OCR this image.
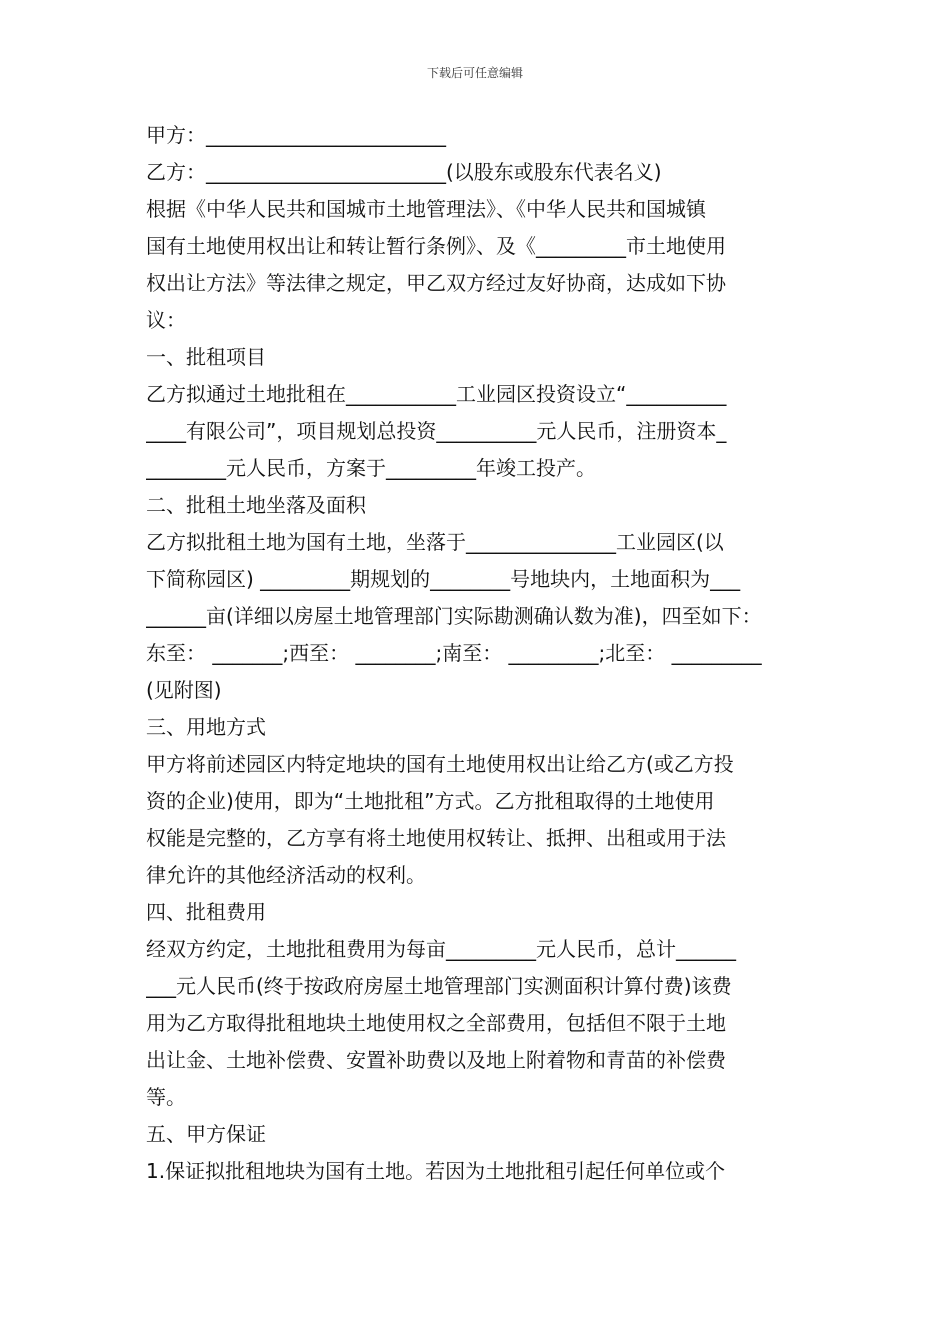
下载后可任意编辑
甲方：________________________
乙方：________________________(以股东或股东代表名义)
根据《中华人民共和国城市土地管理法》、《中华人民共和国城镇
国有土地使用权出让和转让暂行条例》、及《_________市土地使用
权出让方法》等法律之规定，甲乙双方经过友好协商，达成如下协
议：
一、批租项目
乙方拟通过土地批租在___________工业园区投资设立“__________
____有限公司”，项目规划总投资__________元人民币，注册资本_
________元人民币，方案于_________年竣工投产。
二、批租土地坐落及面积
乙方拟批租土地为国有土地，坐落于_______________工业园区(以
下简称园区) _________期规划的________号地块内，土地面积为___
______亩(详细以房屋土地管理部门实际勘测确认数为准)，四至如下：
东至： _______;西至： ________;南至： _________;北至： _________
(见附图)
三、用地方式
甲方将前述园区内特定地块的国有土地使用权出让给乙方(或乙方投
资的企业)使用，即为“土地批租”方式。乙方批租取得的土地使用
权能是完整的，乙方享有将土地使用权转让、抵押、出租或用于法
律允许的其他经济活动的权利。
四、批租费用
经双方约定，土地批租费用为每亩_________元人民币，总计______
___元人民币(终于按政府房屋土地管理部门实测面积计算付费)该费
用为乙方取得批租地块土地使用权之全部费用，包括但不限于土地
出让金、土地补偿费、安置补助费以及地上附着物和青苗的补偿费
等。
五、甲方保证
1.保证拟批租地块为国有土地。若因为土地批租引起任何单位或个
